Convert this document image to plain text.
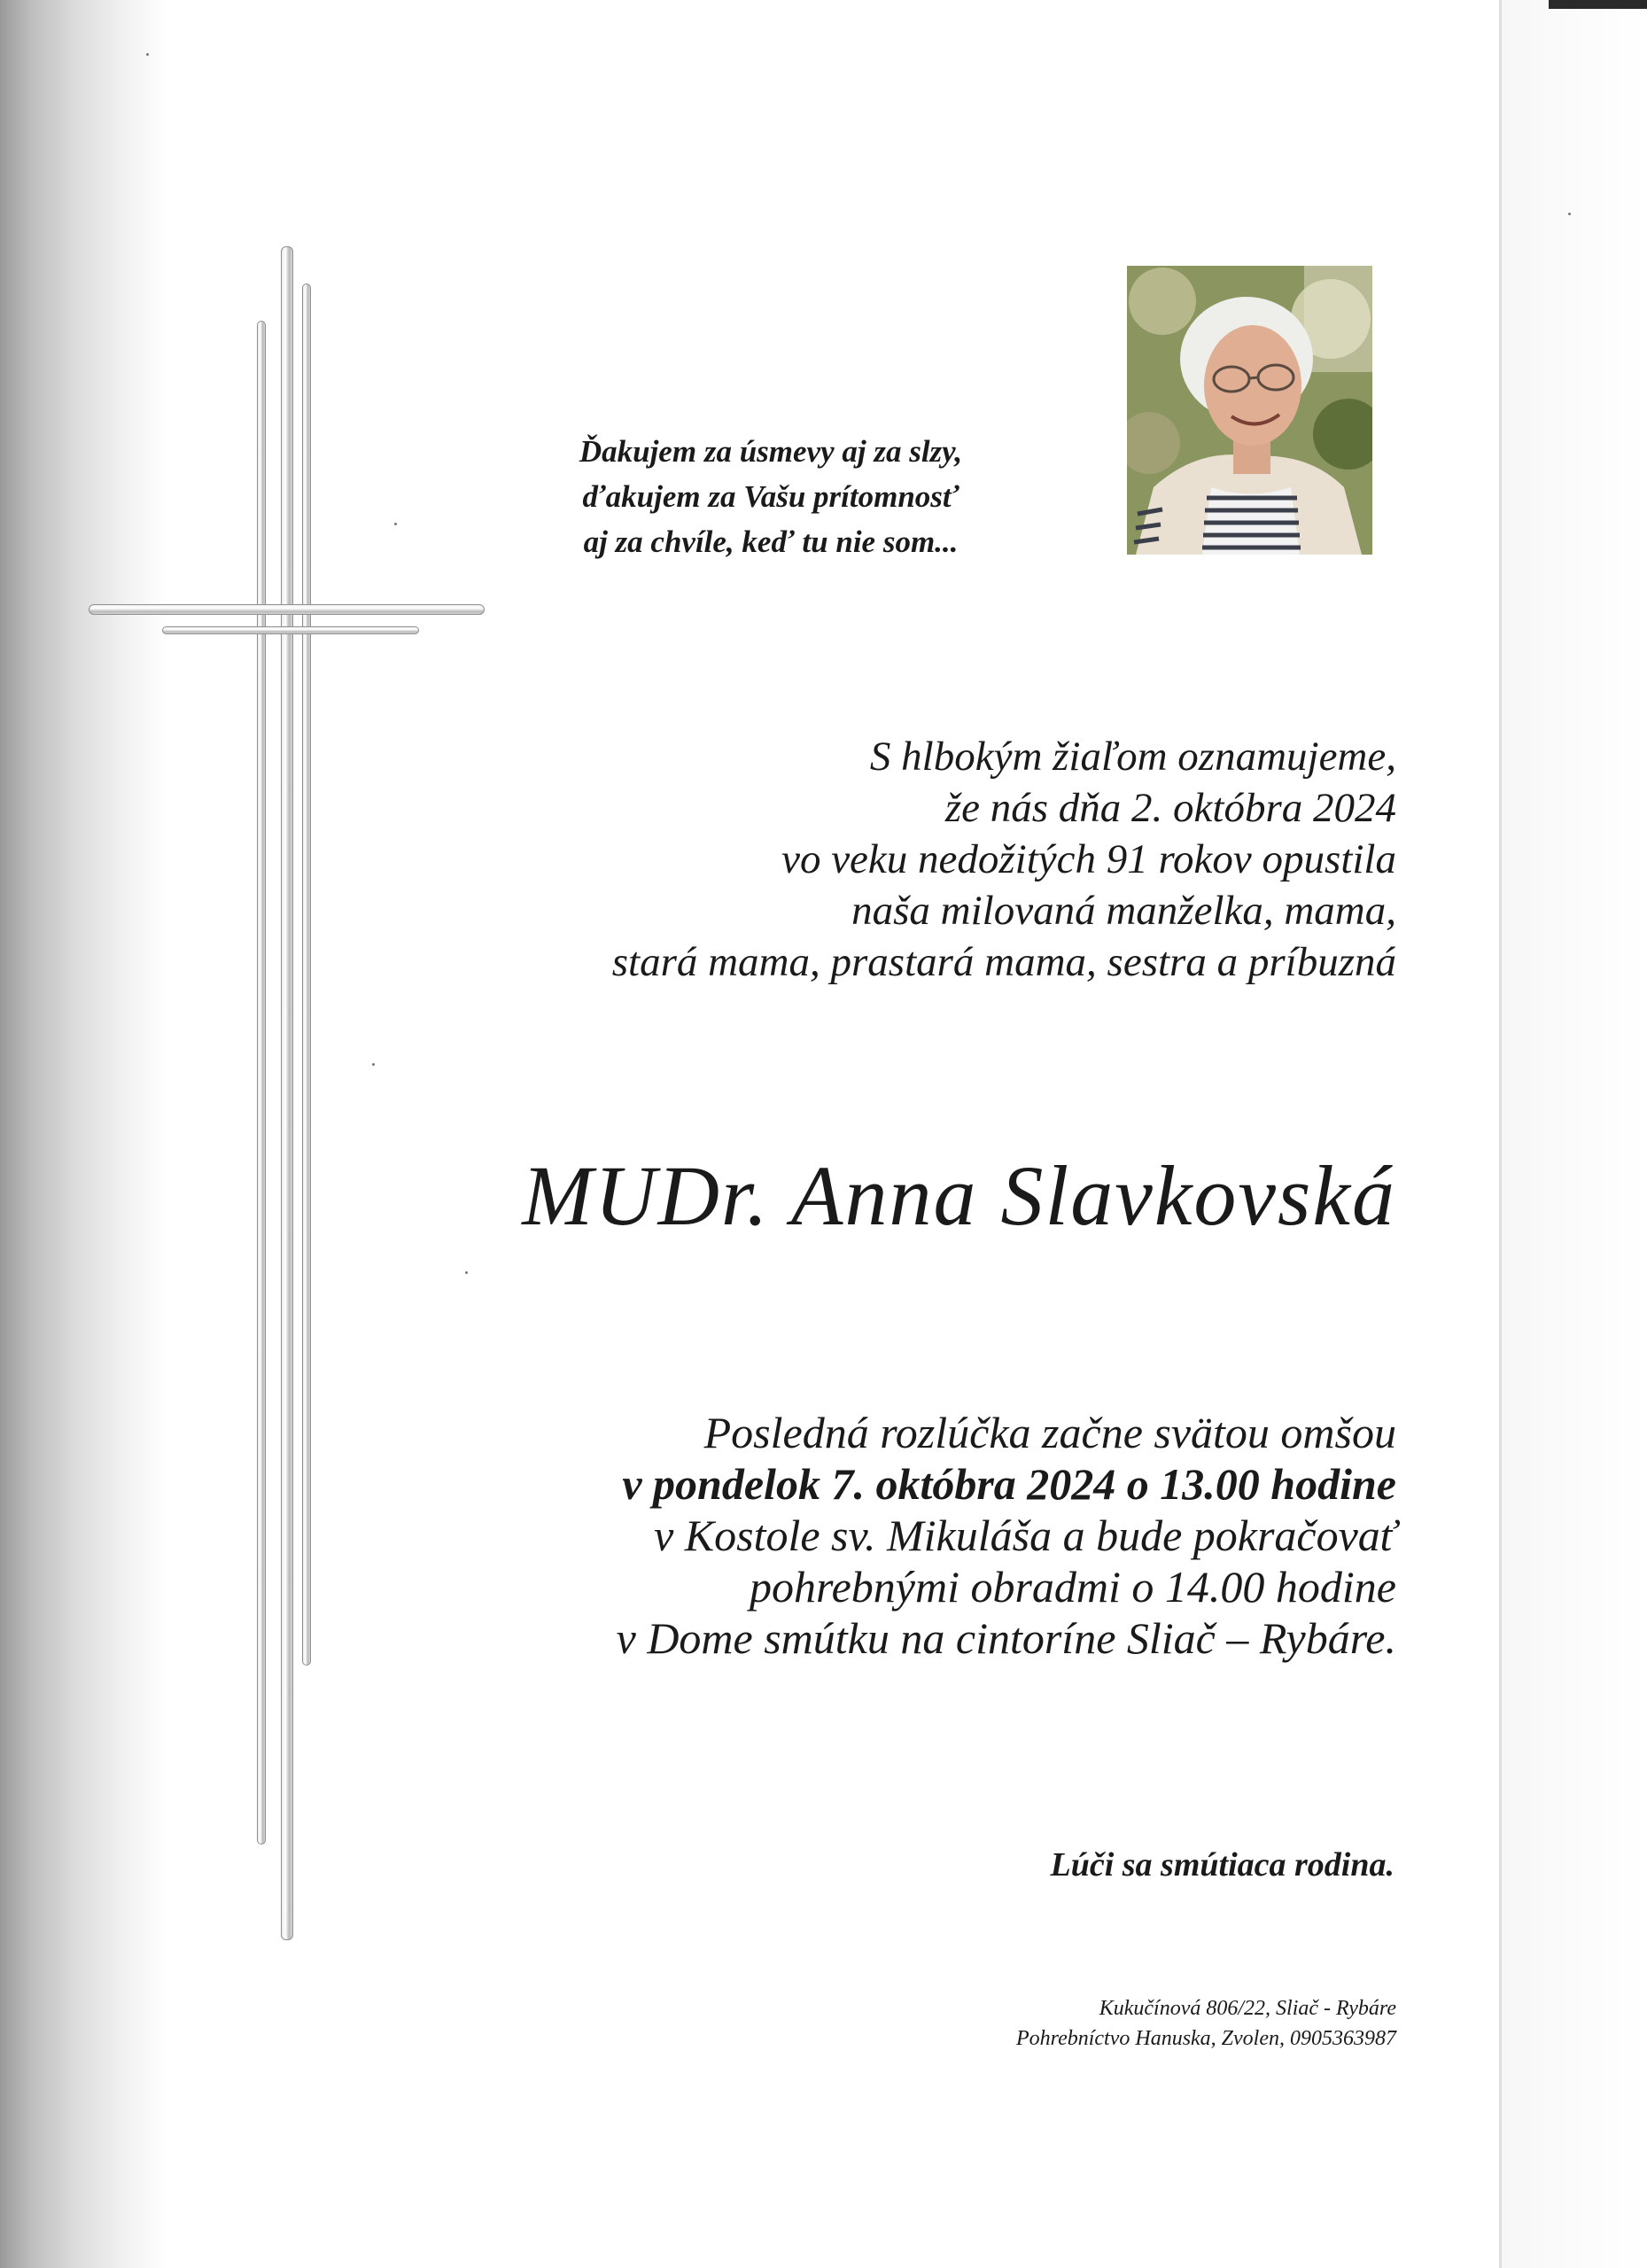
Ďakujem za úsmevy aj za slzy,
ďakujem za Vašu prítomnosť
aj za chvíle, keď tu nie som...
S hlbokým žiaľom oznamujeme,
že nás dňa 2. októbra 2024
vo veku nedožitých 91 rokov opustila
naša milovaná manželka, mama,
stará mama, prastará mama, sestra a príbuzná
MUDr. Anna Slavkovská
Posledná rozlúčka začne svätou omšou
v pondelok 7. októbra 2024 o 13.00 hodine
v Kostole sv. Mikuláša a bude pokračovať
pohrebnými obradmi o 14.00 hodine
v Dome smútku na cintoríne Sliač – Rybáre.
Lúči sa smútiaca rodina.
Kukučínová 806/22, Sliač - Rybáre
Pohrebníctvo Hanuska, Zvolen, 0905363987
